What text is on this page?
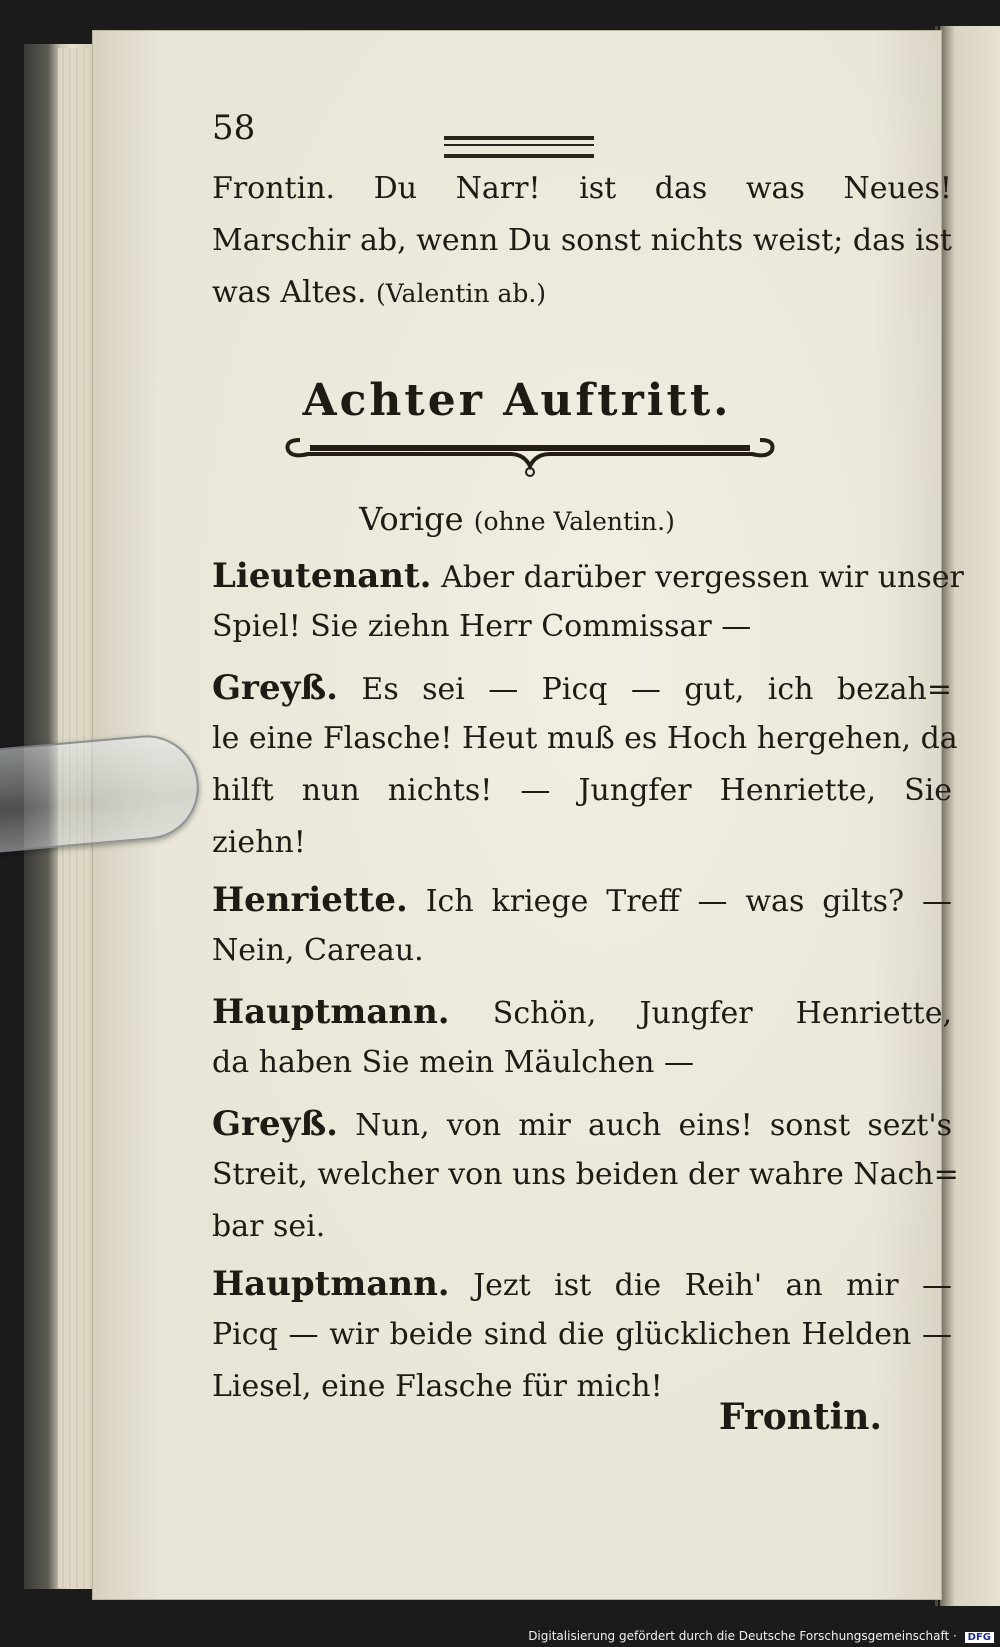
58
Frontin. Du Narr! ist das was Neues!
Marschir ab, wenn Du sonst nichts weist; das ist
was Altes. (Valentin ab.)
Achter Auftritt.
Vorige (ohne Valentin.)
Lieutenant. Aber darüber vergessen wir unser
Spiel! Sie ziehn Herr Commissar —
Greyß. Es sei — Picq — gut, ich bezah=
le eine Flasche! Heut muß es Hoch hergehen, da
hilft nun nichts! — Jungfer Henriette, Sie
ziehn!
Henriette. Ich kriege Treff — was gilts? —
Nein, Careau.
Hauptmann. Schön, Jungfer Henriette,
da haben Sie mein Mäulchen —
Greyß. Nun, von mir auch eins! sonst sezt's
Streit, welcher von uns beiden der wahre Nach=
bar sei.
Hauptmann. Jezt ist die Reih' an mir —
Picq — wir beide sind die glücklichen Helden —
Liesel, eine Flasche für mich!
Frontin.
Digitalisierung gefördert durch die Deutsche Forschungsgemeinschaft · DFG
